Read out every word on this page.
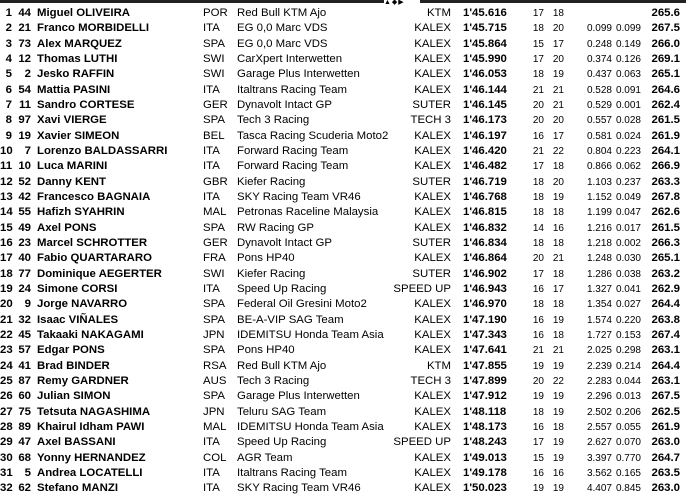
▲◆▶
1 44 Miguel OLIVEIRA	POR Red Bull KTM Ajo	KTM 1'45.616	17 18	265.6
2 21 Franco MORBIDELLI	ITA EG 0,0 Marc VDS	KALEX 1'45.715	18 20	0.099 0.099 267.5
3 73 Alex MARQUEZ	SPA EG 0,0 Marc VDS	KALEX 1'45.864	15 17	0.248 0.149 266.0
4 12 Thomas LUTHI	SWI CarXpert Interwetten	KALEX 1'45.990	17 20	0.374 0.126 269.1
5	2 Jesko RAFFIN	SWI Garage Plus Interwetten	KALEX 1'46.053	18 19	0.437 0.063 265.1
6 54 Mattia PASINI	ITA Italtrans Racing Team	KALEX 1'46.144	21 21	0.528 0.091 264.6
7 11 Sandro CORTESE	GER Dynavolt Intact GP	SUTER 1'46.145	20 21	0.529 0.001 262.4
8 97 Xavi VIERGE	SPA Tech 3 Racing	TECH 3 1'46.173	20 20	0.557 0.028 261.5
9 19 Xavier SIMEON	BEL Tasca Racing Scuderia Moto2	KALEX 1'46.197	16 17	0.581 0.024 261.9
10	7 Lorenzo BALDASSARRI	ITA Forward Racing Team	KALEX 1'46.420	21 22	0.804 0.223 264.1
11 10 Luca MARINI	ITA Forward Racing Team	KALEX 1'46.482	17 18	0.866 0.062 266.9
12 52 Danny KENT	GBR Kiefer Racing	SUTER 1'46.719	18 20	1.103 0.237 263.3
13 42 Francesco BAGNAIA	ITA SKY Racing Team VR46	KALEX 1'46.768	18 19	1.152 0.049 267.8
14 55 Hafizh SYAHRIN	MAL Petronas Raceline Malaysia	KALEX 1'46.815	18 18	1.199 0.047 262.6
15 49 Axel PONS	SPA RW Racing GP	KALEX 1'46.832	14 16	1.216 0.017 261.5
16 23 Marcel SCHROTTER	GER Dynavolt Intact GP	SUTER 1'46.834	18 18	1.218 0.002 266.3
17 40 Fabio QUARTARARO	FRA Pons HP40	KALEX 1'46.864	20 21	1.248 0.030 265.1
18 77 Dominique AEGERTER	SWI Kiefer Racing	SUTER 1'46.902	17 18	1.286 0.038 263.2
19 24 Simone CORSI	ITA Speed Up Racing	SPEED UP 1'46.943	16 17	1.327 0.041 262.9
20	9 Jorge NAVARRO	SPA Federal Oil Gresini Moto2	KALEX 1'46.970	18 18	1.354 0.027 264.4
21 32 Isaac VIÑALES	SPA BE-A-VIP SAG Team	KALEX 1'47.190	16 19	1.574 0.220 263.8
22 45 Takaaki NAKAGAMI	JPN IDEMITSU Honda Team Asia	KALEX 1'47.343	16 18	1.727 0.153 267.4
23 57 Edgar PONS	SPA Pons HP40	KALEX 1'47.641	21 21	2.025 0.298 263.1
24 41 Brad BINDER	RSA Red Bull KTM Ajo	KTM 1'47.855	19 19	2.239 0.214 264.4
25 87 Remy GARDNER	AUS Tech 3 Racing	TECH 3 1'47.899	20 22	2.283 0.044 263.1
26 60 Julian SIMON	SPA Garage Plus Interwetten	KALEX 1'47.912	19 19	2.296 0.013 267.5
27 75 Tetsuta NAGASHIMA	JPN Teluru SAG Team	KALEX 1'48.118	18 19	2.502 0.206 262.5
28 89 Khairul Idham PAWI	MAL IDEMITSU Honda Team Asia	KALEX 1'48.173	16 18	2.557 0.055 261.9
29 47 Axel BASSANI	ITA Speed Up Racing	SPEED UP 1'48.243	17 19	2.627 0.070 263.0
30 68 Yonny HERNANDEZ	COL AGR Team	KALEX 1'49.013	15 19	3.397 0.770 264.7
31	5 Andrea LOCATELLI	ITA Italtrans Racing Team	KALEX 1'49.178	16 16	3.562 0.165 263.5
32 62 Stefano MANZI	ITA SKY Racing Team VR46	KALEX 1'50.023	19 19	4.407 0.845 263.0
